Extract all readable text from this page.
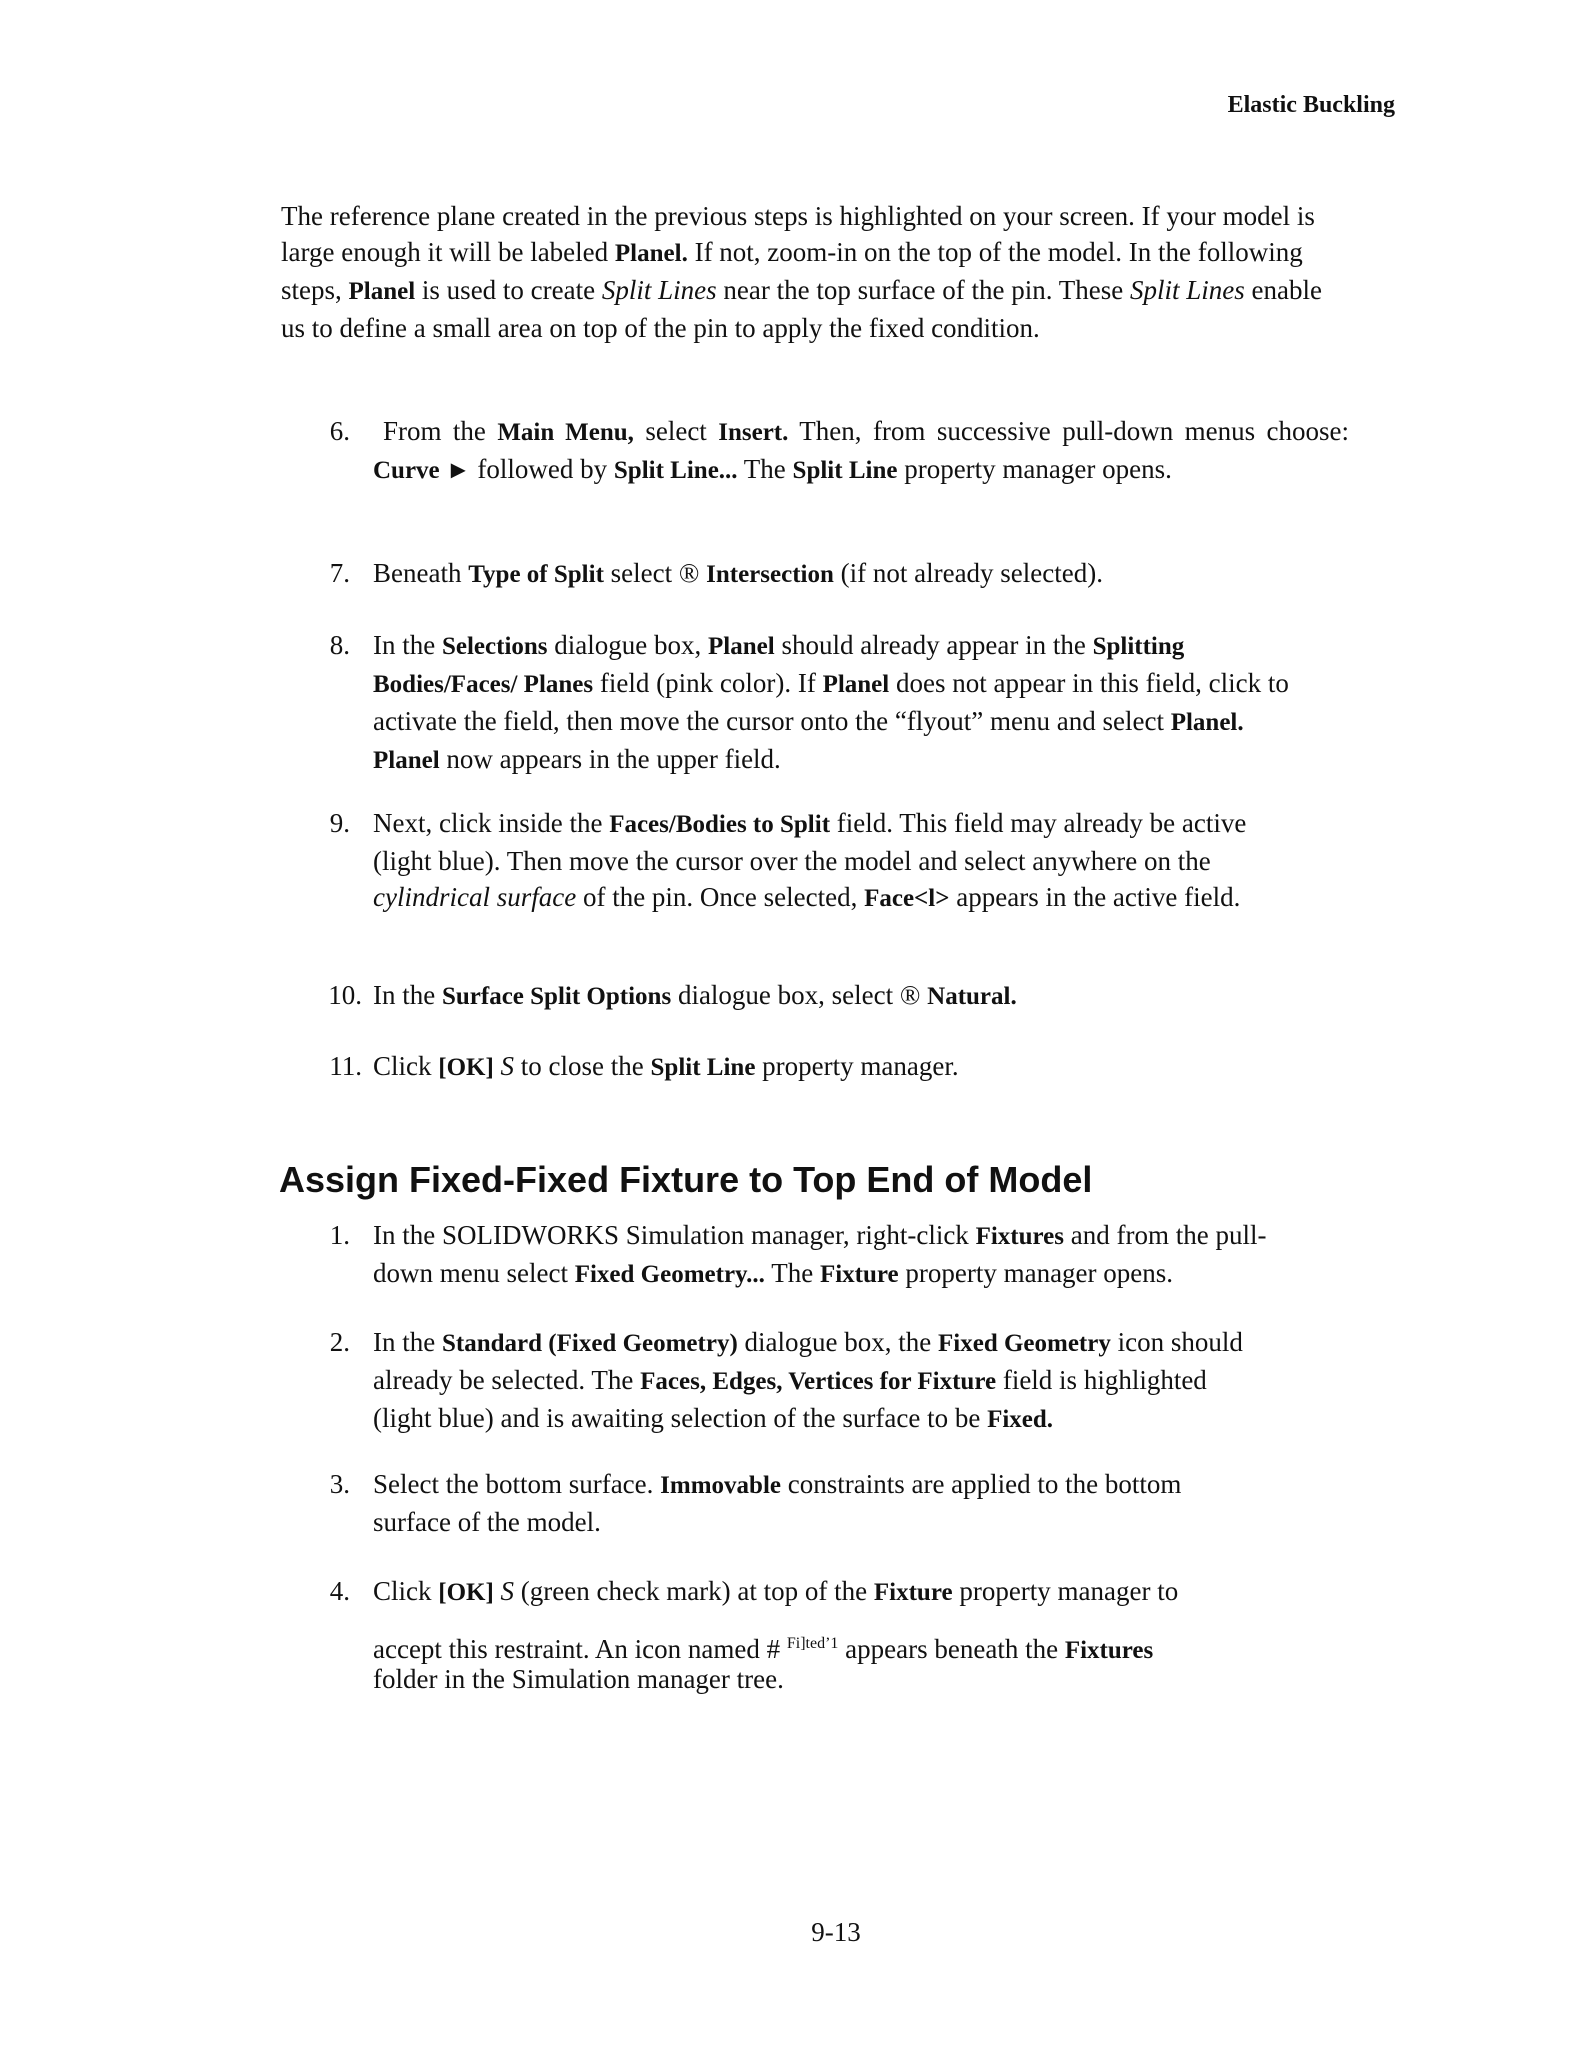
Elastic Buckling

The reference plane created in the previous steps is highlighted on your screen. If your model is large enough it will be labeled Planel. If not, zoom-in on the top of the model. In the following steps, Planel is used to create Split Lines near the top surface of the pin. These Split Lines enable us to define a small area on top of the pin to apply the fixed condition.

6.	From the Main Menu, select Insert. Then, from successive pull-down menus choose: Curve ► followed by Split Line... The Split Line property manager opens.

7. Beneath Type of Split select ® Intersection (if not already selected).

8. In the Selections dialogue box, Planel should already appear in the Splitting Bodies/Faces/ Planes field (pink color). If Planel does not appear in this field, click to activate the field, then move the cursor onto the “flyout” menu and select Planel. Planel now appears in the upper field.

9. Next, click inside the Faces/Bodies to Split field. This field may already be active (light blue). Then move the cursor over the model and select anywhere on the cylindrical surface of the pin. Once selected, Face<l> appears in the active field.

10. In the Surface Split Options dialogue box, select ® Natural.

11. Click [OK] S to close the Split Line property manager.

Assign Fixed-Fixed Fixture to Top End of Model
1. In the SOLIDWORKS Simulation manager, right-click Fixtures and from the pull-down menu select Fixed Geometry... The Fixture property manager opens.

2. In the Standard (Fixed Geometry) dialogue box, the Fixed Geometry icon should already be selected. The Faces, Edges, Vertices for Fixture field is highlighted (light blue) and is awaiting selection of the surface to be Fixed.

3. Select the bottom surface. Immovable constraints are applied to the bottom surface of the model.

4. Click [OK] S (green check mark) at top of the Fixture property manager to

accept this restraint. An icon named # $^{Fi]ted’1}$ appears beneath the Fixtures

folder in the Simulation manager tree.

9-13
